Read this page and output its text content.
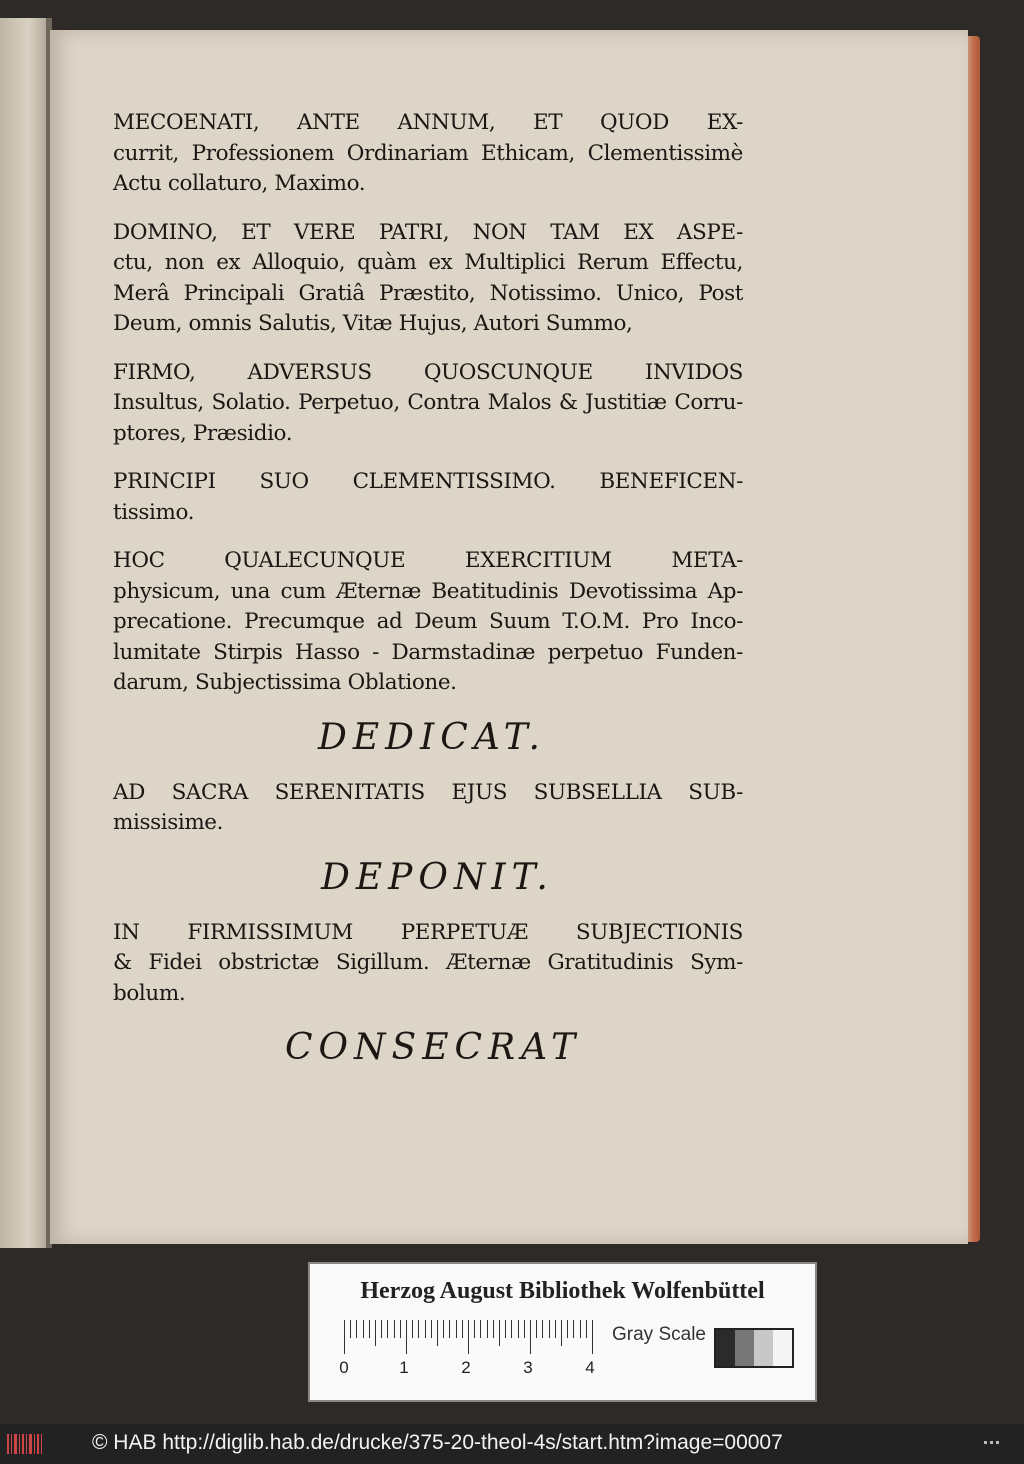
MECOENATI, ANTE ANNUM, ET QUOD EX-
currit, Professionem Ordinariam Ethicam, Clementissimè
Actu collaturo, Maximo.
DOMINO, ET VERE PATRI, NON TAM EX ASPE-
ctu, non ex Alloquio, quàm ex Multiplici Rerum Effectu,
Merâ Principali Gratiâ Præstito, Notissimo. Unico, Post
Deum, omnis Salutis, Vitæ Hujus, Autori Summo,
FIRMO, ADVERSUS QUOSCUNQUE INVIDOS
Insultus, Solatio. Perpetuo, Contra Malos & Justitiæ Corru-
ptores, Præsidio.
PRINCIPI SUO CLEMENTISSIMO. BENEFICEN-
tissimo.
HOC QUALECUNQUE EXERCITIUM META-
physicum, una cum Æternæ Beatitudinis Devotissima Ap-
precatione. Precumque ad Deum Suum T.O.M. Pro Inco-
lumitate Stirpis Hasso - Darmstadinæ perpetuo Funden-
darum, Subjectissima Oblatione.
DEDICAT.
AD SACRA SERENITATIS EJUS SUBSELLIA SUB-
missisime.
DEPONIT.
IN FIRMISSIMUM PERPETUÆ SUBJECTIONIS
& Fidei obstrictæ Sigillum. Æternæ Gratitudinis Sym-
bolum.
CONSECRAT
Herzog August Bibliothek Wolfenbüttel
0	1	2	3	4
Gray Scale
© HAB http://diglib.hab.de/drucke/375-20-theol-4s/start.htm?image=00007
